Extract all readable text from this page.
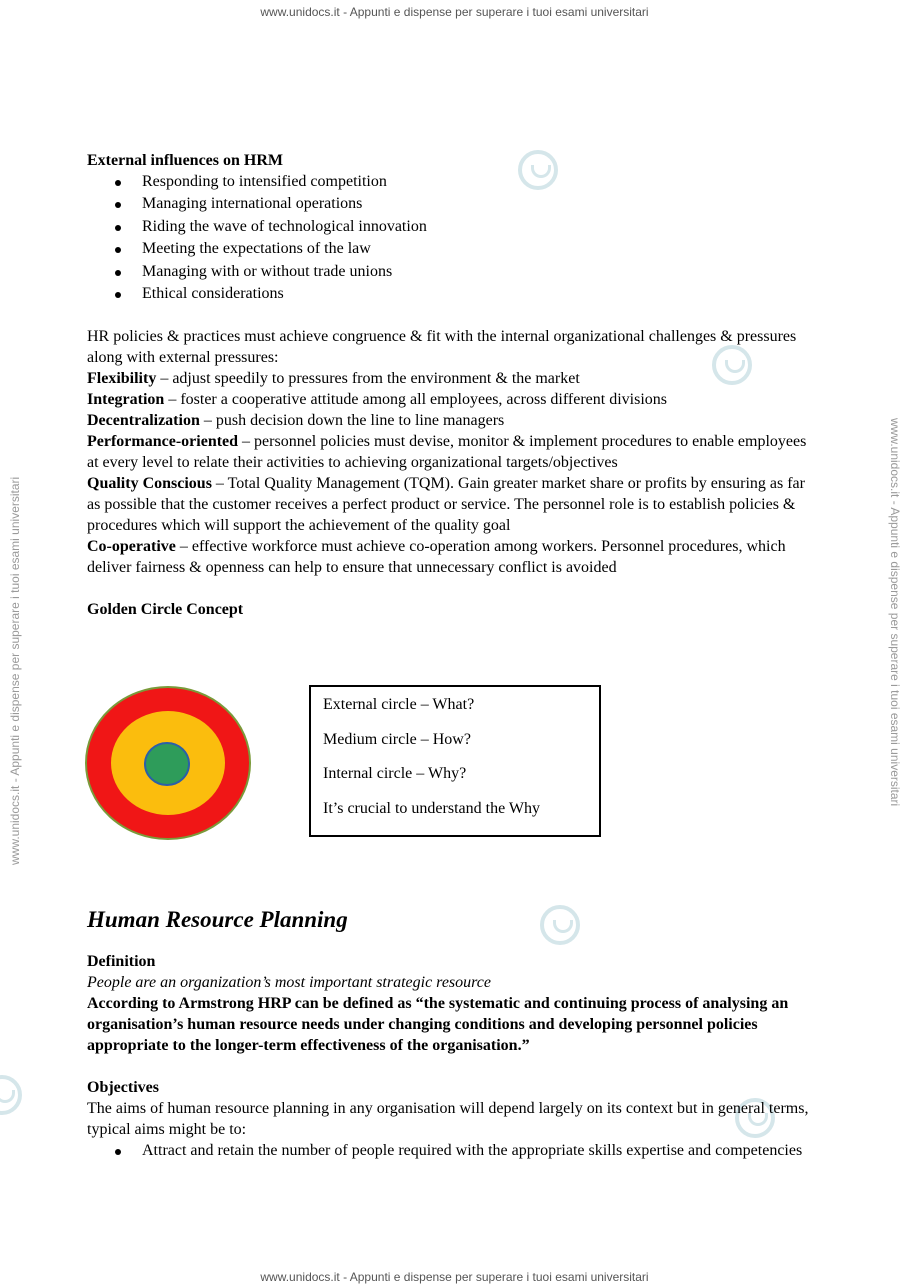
www.unidocs.it - Appunti e dispense per superare i tuoi esami universitari
www.unidocs.it - Appunti e dispense per superare i tuoi esami universitari
www.unidocs.it - Appunti e dispense per superare i tuoi esami universitari	www.unidocs.it - Appunti e dispense per superare i tuoi esami universitari
External influences on HRM
Responding to intensified competition
Managing international operations
Riding the wave of technological innovation
Meeting the expectations of the law
Managing with or without trade unions
Ethical considerations

HR policies & practices must achieve congruence & fit with the internal organizational challenges & pressures along with external pressures:

Flexibility – adjust speedily to pressures from the environment & the market

Integration – foster a cooperative attitude among all employees, across different divisions

Decentralization – push decision down the line to line managers

Performance-oriented – personnel policies must devise, monitor & implement procedures to enable employees at every level to relate their activities to achieving organizational targets/objectives

Quality Conscious – Total Quality Management (TQM). Gain greater market share or profits by ensuring as far as possible that the customer receives a perfect product or service. The personnel role is to establish policies & procedures which will support the achievement of the quality goal

Co-operative – effective workforce must achieve co-operation among workers. Personnel procedures, which deliver fairness & openness can help to ensure that unnecessary conflict is avoided

Golden Circle Concept
External circle – What?
Medium circle – How?
Internal circle – Why?
It’s crucial to understand the Why
Human Resource Planning
Definition
People are an organization’s most important strategic resource
According to Armstrong HRP can be defined as “the systematic and continuing process of analysing an organisation’s human resource needs under changing conditions and developing personnel policies appropriate to the longer-term effectiveness of the organisation.”
Objectives
The aims of human resource planning in any organisation will depend largely on its context but in general terms, typical aims might be to:
Attract and retain the number of people required with the appropriate skills expertise and competencies
